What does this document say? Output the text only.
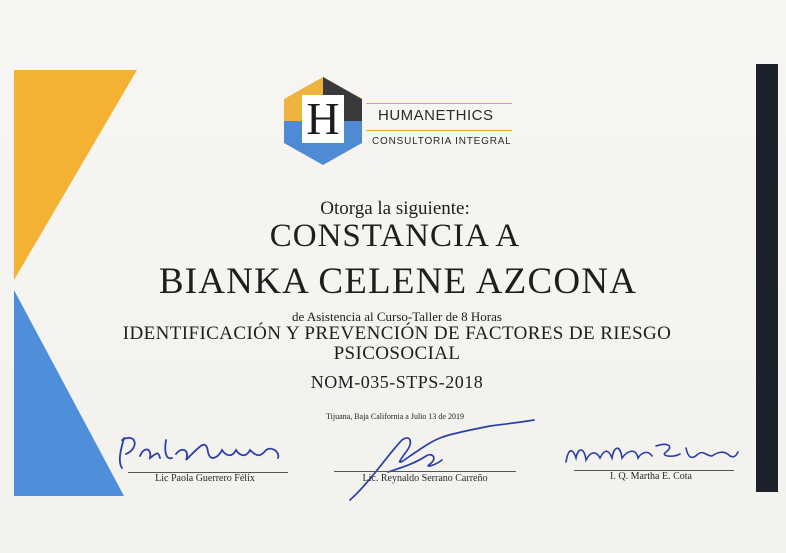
H	HUMANETHICS
CONSULTORIA INTEGRAL
Otorga la siguiente:
CONSTANCIA A
BIANKA CELENE AZCONA
de Asistencia al Curso-Taller de 8 Horas
IDENTIFICACIÓN Y PREVENCIÓN DE FACTORES DE RIESGO
PSICOSOCIAL
NOM-035-STPS-2018
Tijuana, Baja California a Julio 13 de 2019
Lic Paola Guerrero Félix	Lic. Reynaldo Serrano Carreño	I. Q. Martha E. Cota
